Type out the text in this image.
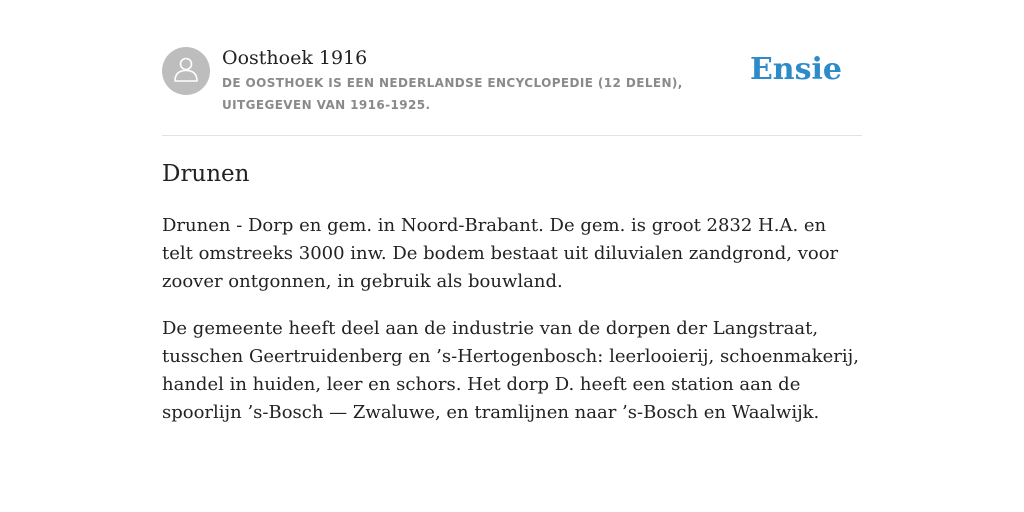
Oosthoek 1916
DE OOSTHOEK IS EEN NEDERLANDSE ENCYCLOPEDIE (12 DELEN), UITGEGEVEN VAN 1916-1925.
Ensie
Drunen

Drunen - Dorp en gem. in Noord-Brabant. De gem. is groot 2832 H.A. en telt omstreeks 3000 inw. De bodem bestaat uit diluvialen zandgrond, voor zoover ontgonnen, in gebruik als bouwland.

De gemeente heeft deel aan de industrie van de dorpen der Langstraat, tusschen Geertruidenberg en ’s-Hertogenbosch: leerlooierij, schoenmakerij, handel in huiden, leer en schors. Het dorp D. heeft een station aan de spoorlijn ’s-Bosch — Zwaluwe, en tramlijnen naar ’s-Bosch en Waalwijk.
